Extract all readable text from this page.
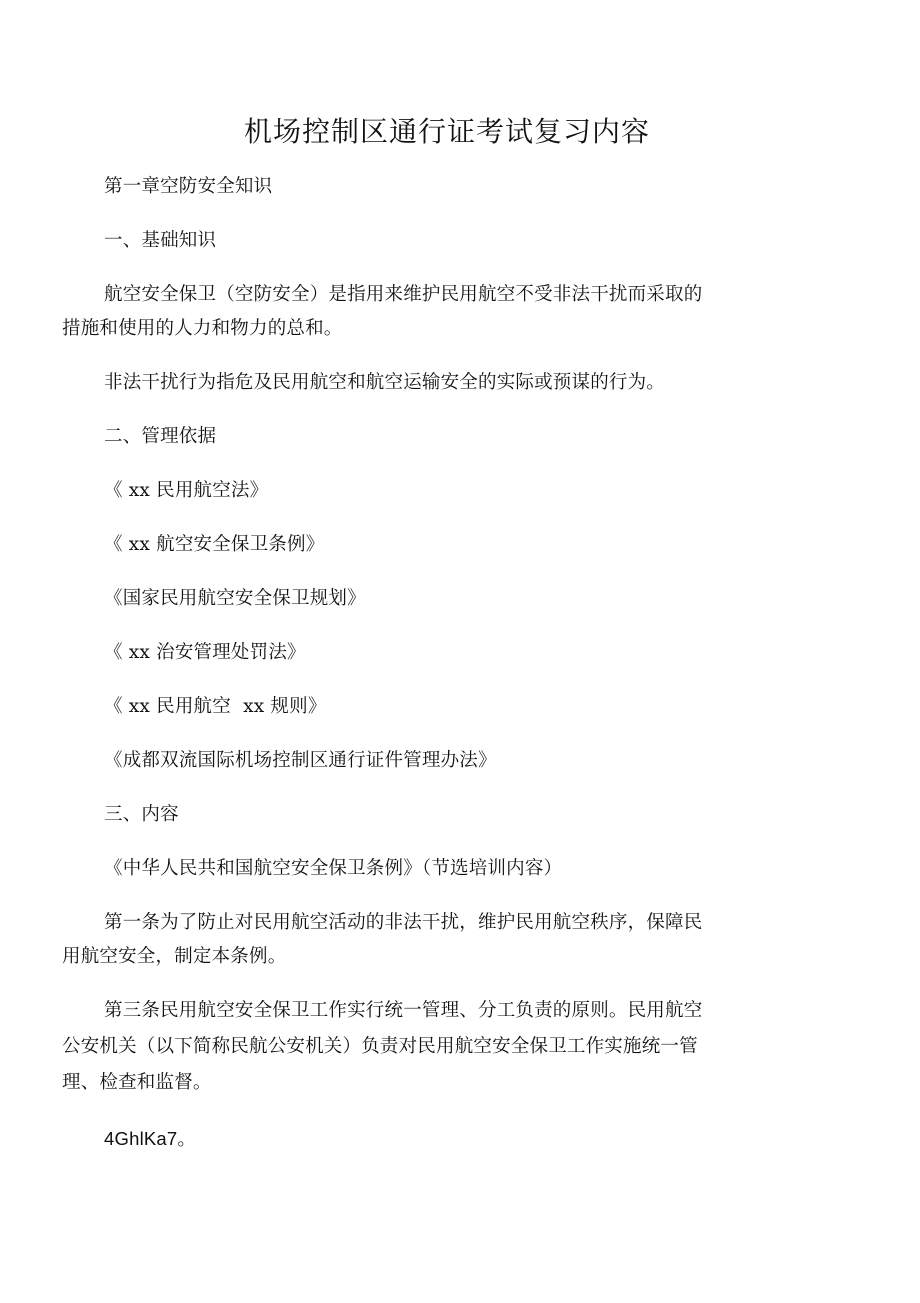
机场控制区通行证考试复习内容
第一章空防安全知识
一、基础知识
航空安全保卫（空防安全）是指用来维护民用航空不受非法干扰而采取的
措施和使用的人力和物力的总和。
非法干扰行为指危及民用航空和航空运输安全的实际或预谋的行为。
二、管理依据
《 xx 民用航空法》
《 xx 航空安全保卫条例》
《国家民用航空安全保卫规划》
《 xx 治安管理处罚法》
《 xx 民用航空  xx 规则》
《成都双流国际机场控制区通行证件管理办法》
三、内容
《中华人民共和国航空安全保卫条例》（节选培训内容）
第一条为了防止对民用航空活动的非法干扰，维护民用航空秩序，保障民
用航空安全，制定本条例。
第三条民用航空安全保卫工作实行统一管理、分工负责的原则。民用航空
公安机关（以下简称民航公安机关）负责对民用航空安全保卫工作实施统一管
理、检查和监督。
4GhlKa7。
